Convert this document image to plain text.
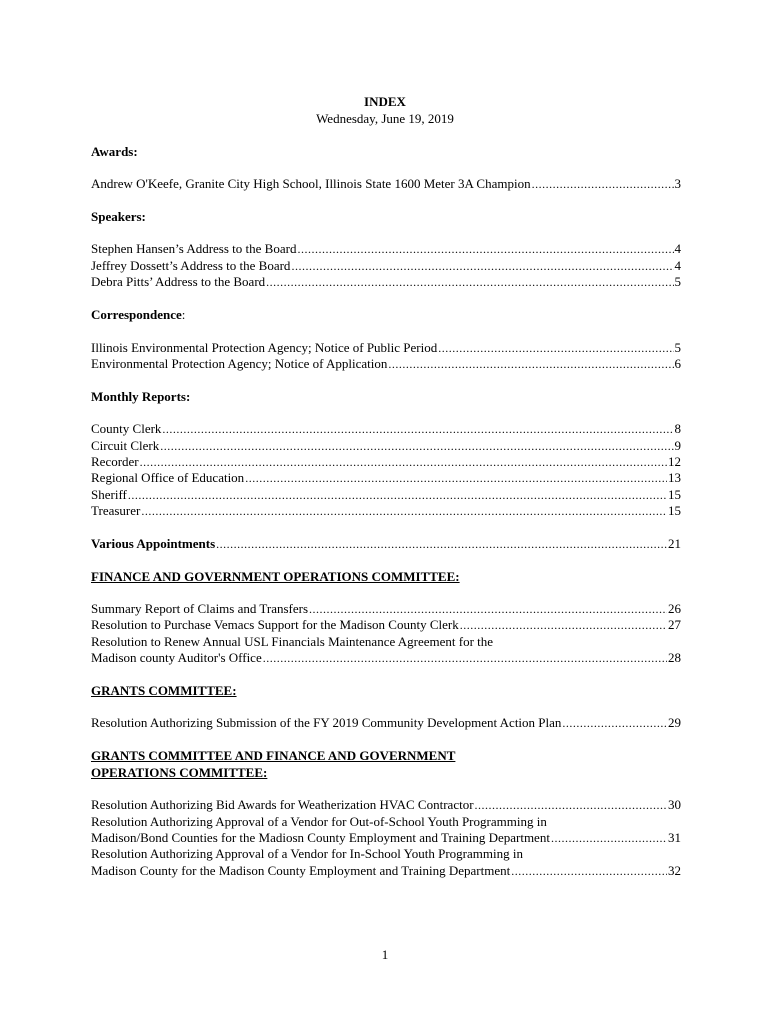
INDEX
Wednesday, June 19, 2019
Awards:
Andrew O'Keefe, Granite City High School, Illinois State 1600 Meter 3A Champion .....	3
Speakers:
Stephen Hansen’s Address to the Board .....	4
Jeffrey Dossett’s Address to the Board .....	4
Debra Pitts’ Address to the Board .....	5
Correspondence:
Illinois Environmental Protection Agency; Notice of Public Period .....	5
Environmental Protection Agency; Notice of Application .....	6
Monthly Reports:
County Clerk .....	8
Circuit Clerk .....	9
Recorder .....	12
Regional Office of Education .....	13
Sheriff .....	15
Treasurer .....	15
Various Appointments .....	21
FINANCE AND GOVERNMENT OPERATIONS COMMITTEE:
Summary Report of Claims and Transfers .....	26
Resolution to Purchase Vemacs Support for the Madison County Clerk .....	27
Resolution to Renew Annual USL Financials Maintenance Agreement for the
Madison county Auditor's Office .....	28
GRANTS COMMITTEE:
Resolution Authorizing Submission of the FY 2019 Community Development Action Plan .....	29
GRANTS COMMITTEE AND FINANCE AND GOVERNMENT
OPERATIONS COMMITTEE:
Resolution Authorizing Bid Awards for Weatherization HVAC Contractor .....	30
Resolution Authorizing Approval of a Vendor for Out-of-School Youth Programming in
Madison/Bond Counties for the Madiosn County Employment and Training Department .....	31
Resolution Authorizing Approval of a Vendor for In-School Youth Programming in
Madison County for the Madison County Employment and Training Department .....	32
1
